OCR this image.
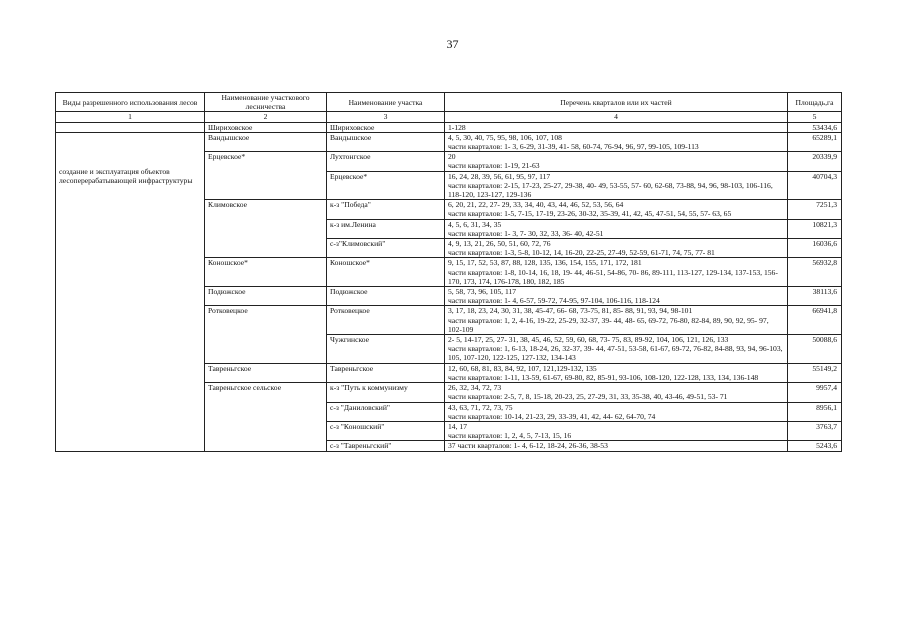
37
Виды разрешенного использования лесов	Наименование участкового лесничества	Наименование участка	Перечень кварталов или их частей	Площадь,га
1	2	3	4	5
	Шириховское	Шириховское	1-128	53434,6
создание и эксплуатация объектов лесоперерабатывающей инфраструктуры	Вандышское	Вандышское	4, 5, 30, 40, 75, 95, 98, 106, 107, 108
части кварталов: 1- 3, 6-29, 31-39, 41- 58, 60-74, 76-94, 96, 97, 99-105, 109-113	65289,1
	Ерцевское*	Лухтонгское	20
части кварталов: 1-19, 21-63	20339,9
		Ерцевское*	16, 24, 28, 39, 56, 61, 95, 97, 117
части кварталов: 2-15, 17-23, 25-27, 29-38, 40- 49, 53-55, 57- 60, 62-68, 73-88, 94, 96, 98-103, 106-116, 118-120, 123-127, 129-136	40704,3
	Климовское	к-з "Победа"	6, 20, 21, 22, 27- 29, 33, 34, 40, 43, 44, 46, 52, 53, 56, 64
части кварталов: 1-5, 7-15, 17-19, 23-26, 30-32, 35-39, 41, 42, 45, 47-51, 54, 55, 57- 63, 65	7251,3
		к-з им.Ленина	4, 5, 6, 31, 34, 35
части кварталов: 1- 3, 7- 30, 32, 33, 36- 40, 42-51	10821,3
		с-з"Климовский"	4, 9, 13, 21, 26, 50, 51, 60, 72, 76
части кварталов: 1-3, 5-8, 10-12, 14, 16-20, 22-25, 27-49, 52-59, 61-71, 74, 75, 77- 81	16036,6
	Коношское*	Коношское*	9, 15, 17, 52, 53, 87, 88, 128, 135, 136, 154, 155, 171, 172, 181
части кварталов: 1-8, 10-14, 16, 18, 19- 44, 46-51, 54-86, 70- 86, 89-111, 113-127, 129-134, 137-153, 156-170, 173, 174, 176-178, 180, 182, 185	56932,8
	Подюжское	Подюжское	5, 58, 73, 96, 105, 117
части кварталов: 1- 4, 6-57, 59-72, 74-95, 97-104, 106-116, 118-124	38113,6
	Ротковецкое	Ротковецкое	3, 17, 18, 23, 24, 30, 31, 38, 45-47, 66- 68, 73-75, 81, 85- 88, 91, 93, 94, 98-101
части кварталов: 1, 2, 4-16, 19-22, 25-29, 32-37, 39- 44, 48- 65, 69-72, 76-80, 82-84, 89, 90, 92, 95- 97, 102-109	66941,8
		Чужгинское	2- 5, 14-17, 25, 27- 31, 38, 45, 46, 52, 59, 60, 68, 73- 75, 83, 89-92, 104, 106, 121, 126, 133
части кварталов: 1, 6-13, 18-24, 26, 32-37, 39- 44, 47-51, 53-58, 61-67, 69-72, 76-82, 84-88, 93, 94, 96-103, 105, 107-120, 122-125, 127-132, 134-143	50088,6
	Тавреньгское	Тавреньгское	12, 60, 68, 81, 83, 84, 92, 107, 121,129-132, 135
части кварталов: 1-11, 13-59, 61-67, 69-80, 82, 85-91, 93-106, 108-120, 122-128, 133, 134, 136-148	55149,2
	Тавреньгское сельское	к-з "Путь к коммунизму	26, 32, 34, 72, 73
части кварталов: 2-5, 7, 8, 15-18, 20-23, 25, 27-29, 31, 33, 35-38, 40, 43-46, 49-51, 53- 71	9957,4
		с-з "Даниловский"	43, 63, 71, 72, 73, 75
части кварталов: 10-14, 21-23, 29, 33-39, 41, 42, 44- 62, 64-70, 74	8956,1
		с-з "Коношский"	14, 17
части кварталов: 1, 2, 4, 5, 7-13, 15, 16	3763,7
		с-з "Тавреньгский"	37 части кварталов: 1- 4, 6-12, 18-24, 26-36, 38-53	5243,6
